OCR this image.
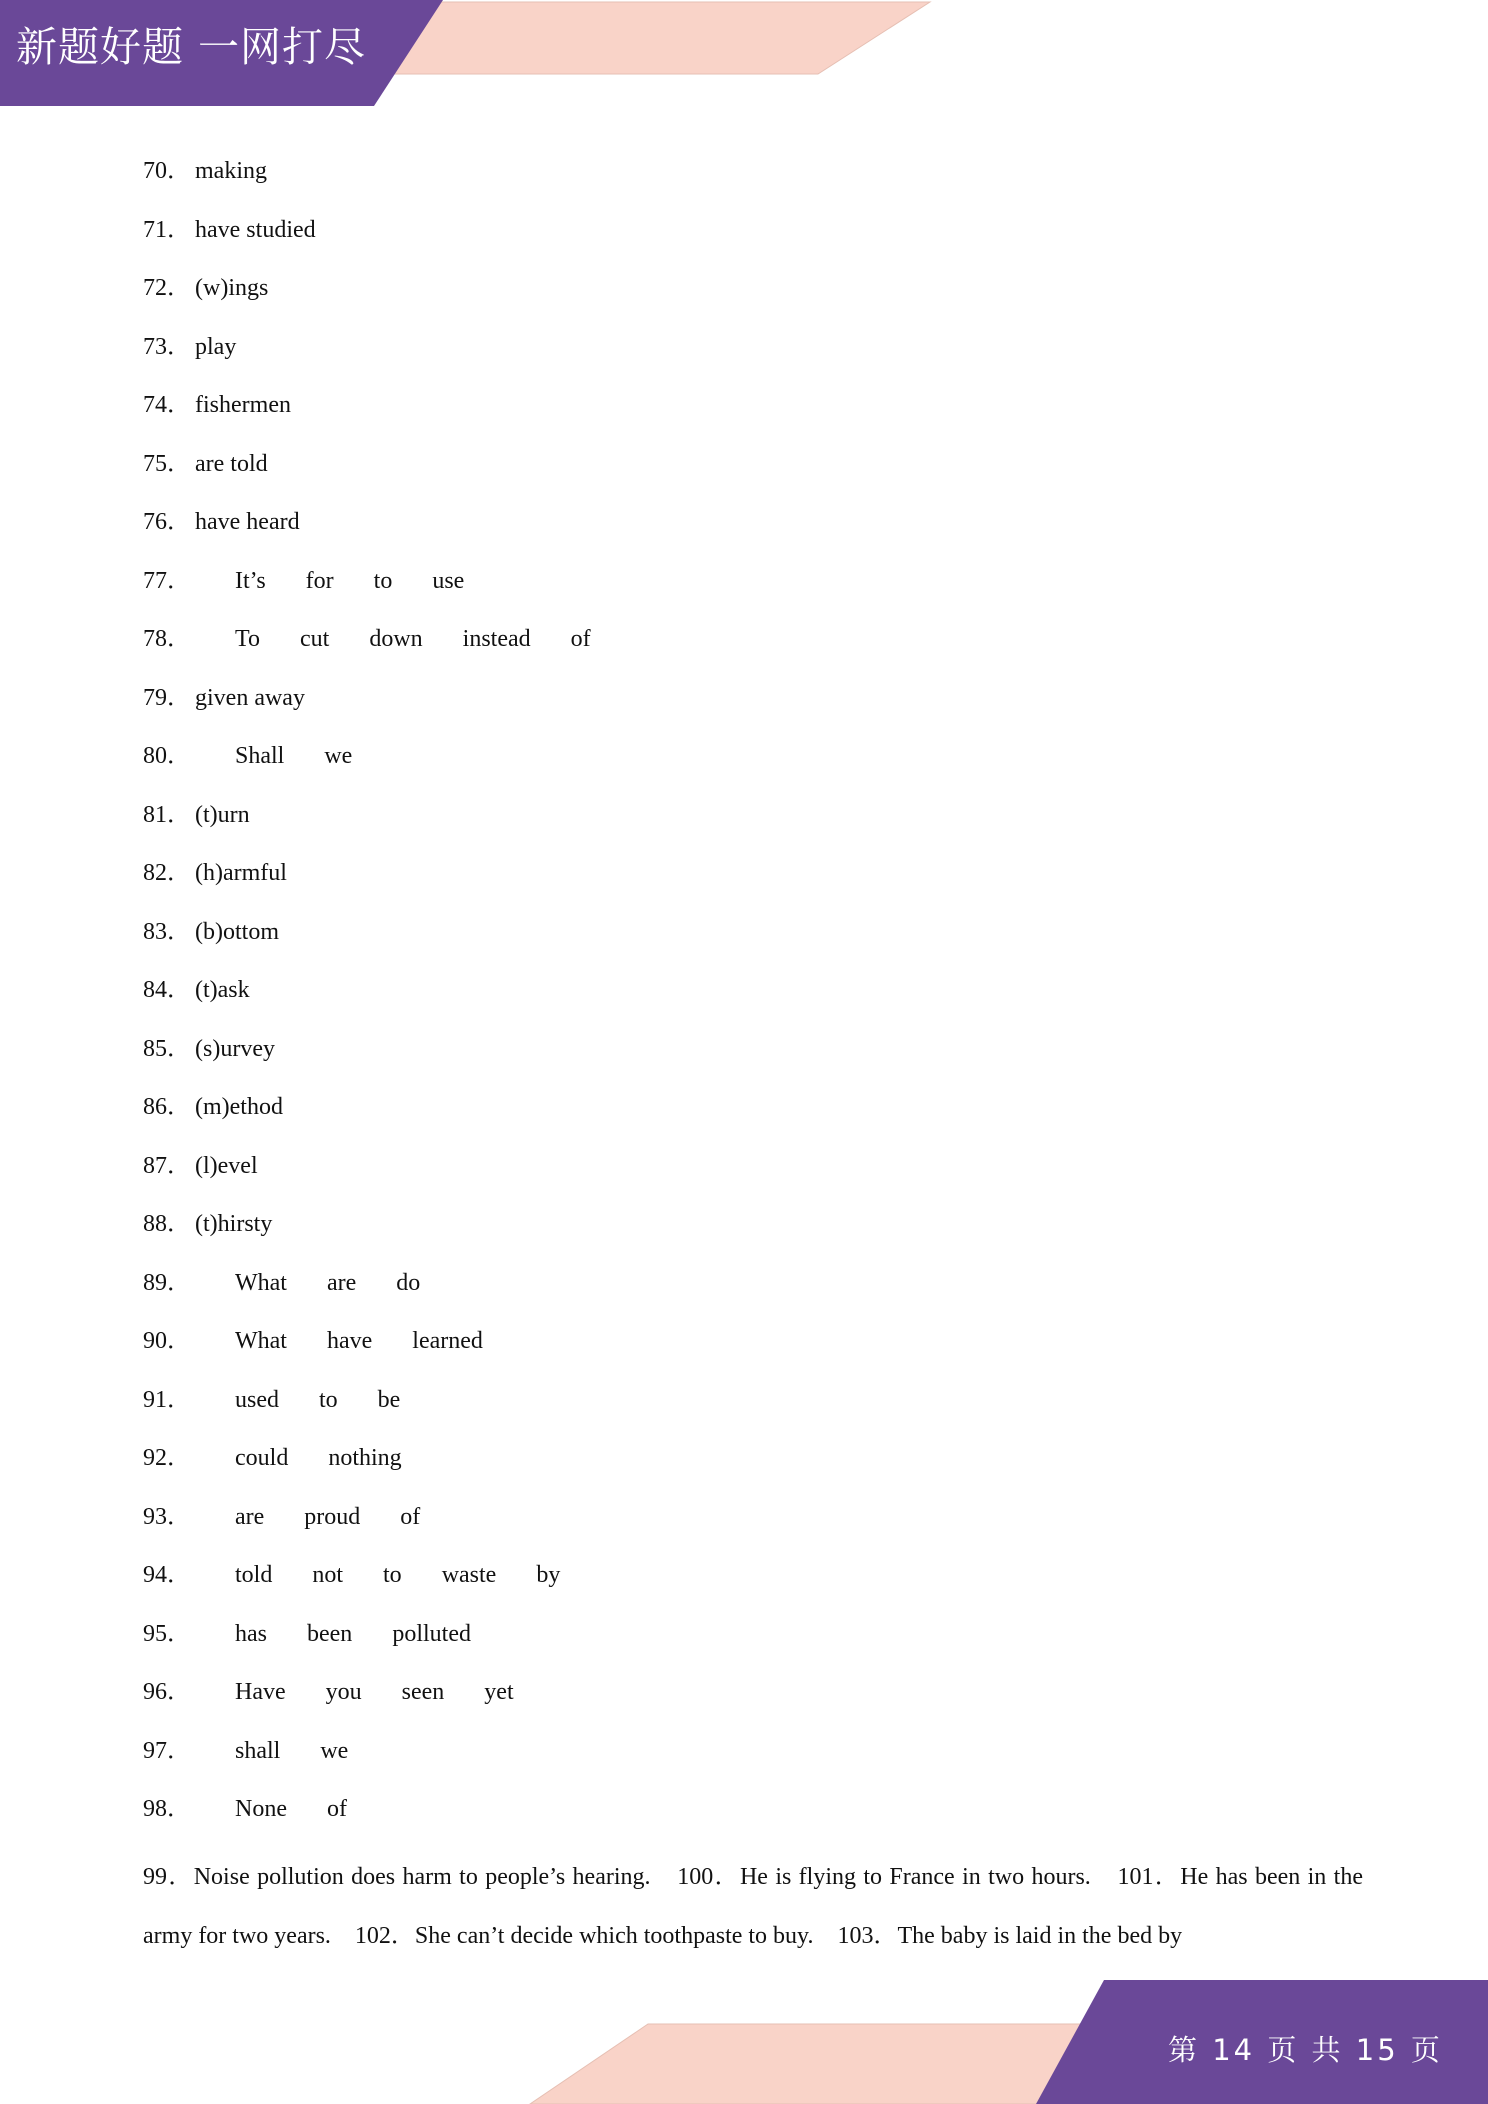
新题好题 一网打尽
70． making
71． have studied
72． (w)ings
73． play
74． fishermen
75． are told
76． have heard
77． It’s for to use
78． To cut down instead of
79． given away
80． Shall we
81． (t)urn
82． (h)armful
83． (b)ottom
84． (t)ask
85． (s)urvey
86． (m)ethod
87． (l)evel
88． (t)hirsty
89． What are do
90． What have learned
91． used to be
92． could nothing
93． are proud of
94． told not to waste by
95． has been polluted
96． Have you seen yet
97． shall we
98． None of
99．Noise pollution does harm to people’s hearing.　100．He is flying to France in two hours.　101．He has been in the army for two years.　102．She can’t decide which toothpaste to buy.　103．The baby is laid in the bed by
第 14 页 共 15 页
